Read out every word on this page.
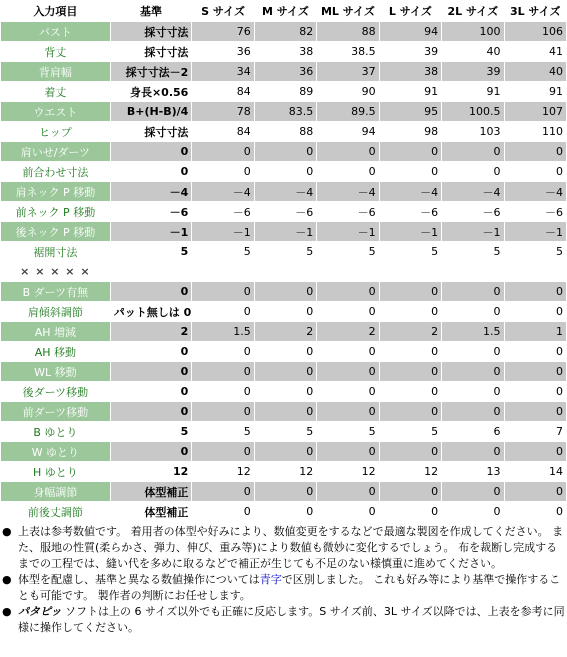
入力項目	基準	S サイズ	M サイズ	ML サイズ	L サイズ	2L サイズ	3L サイズ
バスト	採寸寸法	76	82	88	94	100	106
背丈	採寸寸法	36	38	38.5	39	40	41
背肩幅	採寸寸法－2	34	36	37	38	39	40
着丈	身長×0.56	84	89	90	91	91	91
ウエスト	B+(H-B)/4	78	83.5	89.5	95	100.5	107
ヒップ	採寸寸法	84	88	94	98	103	110
肩いせ/ダーツ	0	0	0	0	0	0	0
前合わせ寸法	0	0	0	0	0	0	0
肩ネック P 移動	－4	－4	－4	－4	－4	－4	－4
前ネック P 移動	－6	－6	－6	－6	－6	－6	－6
後ネック P 移動	－1	－1	－1	－1	－1	－1	－1
裾開寸法	5	5	5	5	5	5	5
× × × × ×							
B ダーツ有無	0	0	0	0	0	0	0
肩傾斜調節	パット無しは 0	0	0	0	0	0	0
AH 増減	2	1.5	2	2	2	1.5	1
AH 移動	0	0	0	0	0	0	0
WL 移動	0	0	0	0	0	0	0
後ダーツ移動	0	0	0	0	0	0	0
前ダーツ移動	0	0	0	0	0	0	0
B ゆとり	5	5	5	5	5	6	7
W ゆとり	0	0	0	0	0	0	0
H ゆとり	12	12	12	12	12	13	14
身幅調節	体型補正	0	0	0	0	0	0
前後丈調節	体型補正	0	0	0	0	0	0
● 上表は参考数値です。 着用者の体型や好みにより、数値変更をするなどで最適な製図を作成してください。 また、服地の性質(柔らかさ、弾力、伸び、重み等)により数値も微妙に変化するでしょう。 布を裁断し完成するまでの工程では、縫い代を多めに取るなどで補正が生じても不足のない様慎重に進めてください。
● 体型を配慮し、基準と異なる数値操作については青字で区別しました。 これも好み等により基準で操作することも可能です。 製作者の判断にお任せします。
● パタピッ ソフトは上の 6 サイズ以外でも正確に反応します。S サイズ前、3L サイズ以降では、上表を参考に同様に操作してください。
